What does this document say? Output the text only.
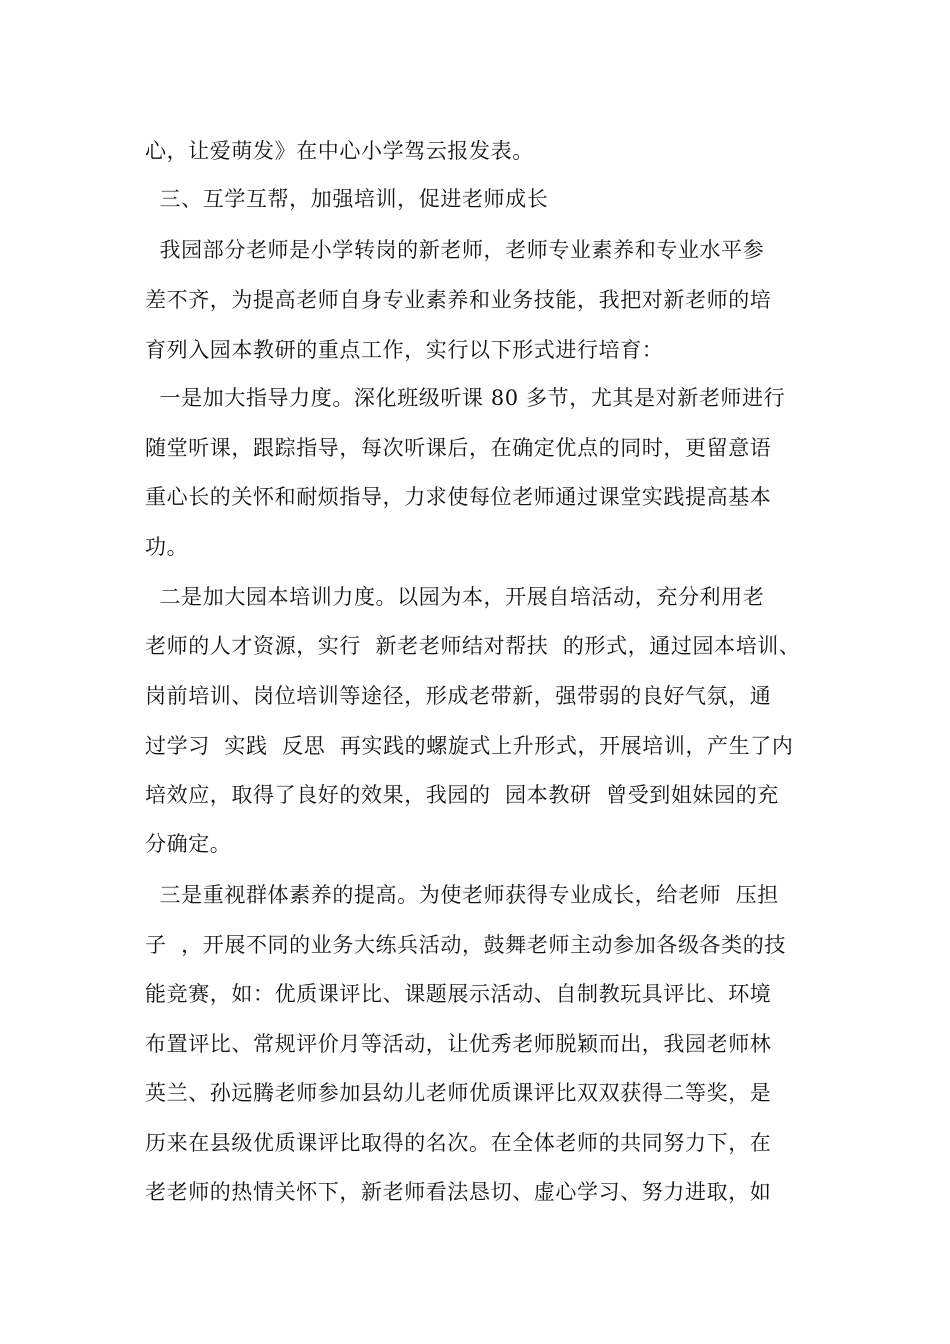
心，让爱萌发》在中心小学驾云报发表。
三、互学互帮，加强培训，促进老师成长
我园部分老师是小学转岗的新老师，老师专业素养和专业水平参
差不齐，为提高老师自身专业素养和业务技能，我把对新老师的培
育列入园本教研的重点工作，实行以下形式进行培育：
一是加大指导力度。深化班级听课 80 多节，尤其是对新老师进行
随堂听课，跟踪指导，每次听课后，在确定优点的同时，更留意语
重心长的关怀和耐烦指导，力求使每位老师通过课堂实践提高基本
功。
二是加大园本培训力度。以园为本，开展自培活动，充分利用老
老师的人才资源，实行  新老老师结对帮扶  的形式，通过园本培训、
岗前培训、岗位培训等途径，形成老带新，强带弱的良好气氛，通
过学习  实践  反思  再实践的螺旋式上升形式，开展培训，产生了内
培效应，取得了良好的效果，我园的  园本教研  曾受到姐妹园的充
分确定。
三是重视群体素养的提高。为使老师获得专业成长，给老师  压担
子  ，开展不同的业务大练兵活动，鼓舞老师主动参加各级各类的技
能竞赛，如：优质课评比、课题展示活动、自制教玩具评比、环境
布置评比、常规评价月等活动，让优秀老师脱颖而出，我园老师林
英兰、孙远腾老师参加县幼儿老师优质课评比双双获得二等奖，是
历来在县级优质课评比取得的名次。在全体老师的共同努力下，在
老老师的热情关怀下，新老师看法恳切、虚心学习、努力进取，如
